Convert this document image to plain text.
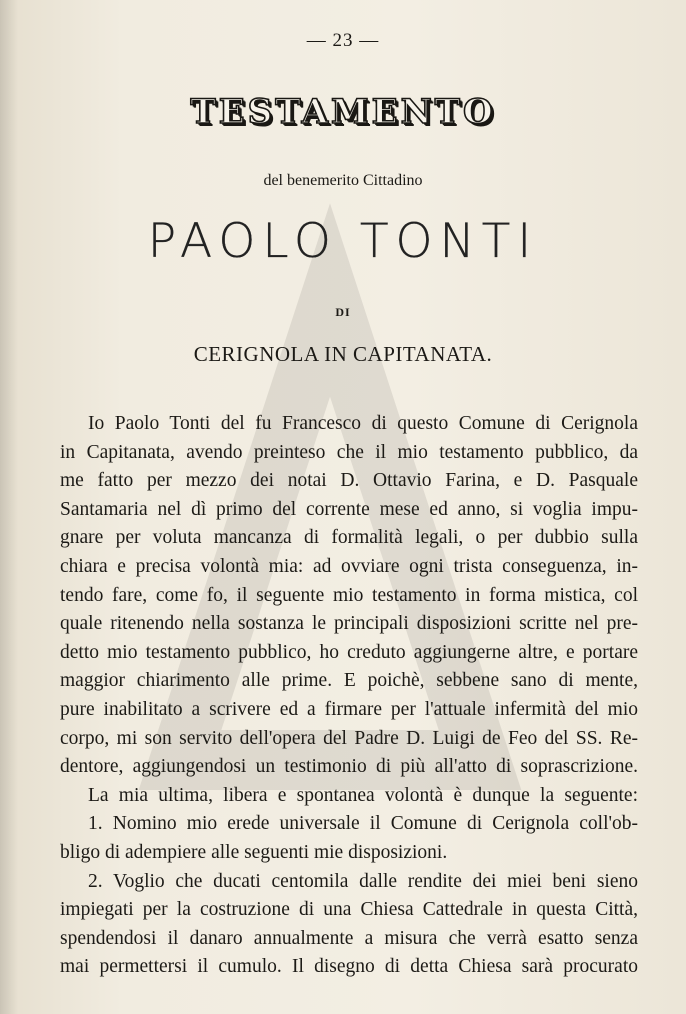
— 23 —
TESTAMENTO
del benemerito Cittadino
PAOLO TONTI
DI
CERIGNOLA IN CAPITANATA.
Io Paolo Tonti del fu Francesco di questo Comune di Cerignola
in Capitanata, avendo preinteso che il mio testamento pubblico, da
me fatto per mezzo dei notai D. Ottavio Farina, e D. Pasquale
Santamaria nel dì primo del corrente mese ed anno, si voglia impu-
gnare per voluta mancanza di formalità legali, o per dubbio sulla
chiara e precisa volontà mia: ad ovviare ogni trista conseguenza, in-
tendo fare, come fo, il seguente mio testamento in forma mistica, col
quale ritenendo nella sostanza le principali disposizioni scritte nel pre-
detto mio testamento pubblico, ho creduto aggiungerne altre, e portare
maggior chiarimento alle prime. E poichè, sebbene sano di mente,
pure inabilitato a scrivere ed a firmare per l'attuale infermità del mio
corpo, mi son servito dell'opera del Padre D. Luigi de Feo del SS. Re-
dentore, aggiungendosi un testimonio di più all'atto di soprascrizione.
La mia ultima, libera e spontanea volontà è dunque la seguente:
1. Nomino mio erede universale il Comune di Cerignola coll'ob-
bligo di adempiere alle seguenti mie disposizioni.
2. Voglio che ducati centomila dalle rendite dei miei beni sieno
impiegati per la costruzione di una Chiesa Cattedrale in questa Città,
spendendosi il danaro annualmente a misura che verrà esatto senza
mai permettersi il cumulo. Il disegno di detta Chiesa sarà procurato
